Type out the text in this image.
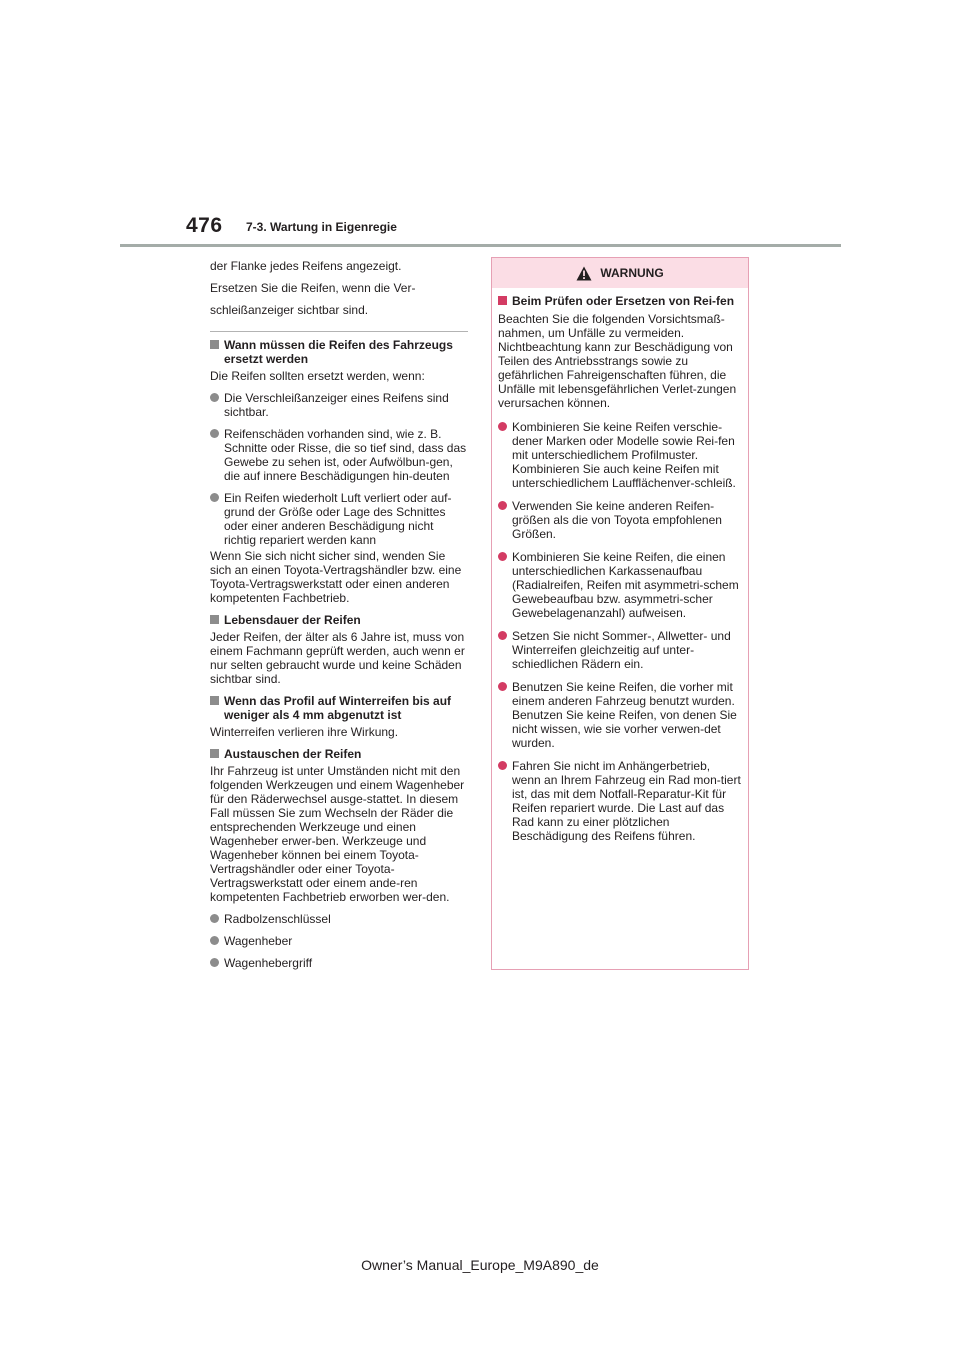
476 7-3. Wartung in Eigenregie

der Flanke jedes Reifens angezeigt.

Ersetzen Sie die Reifen, wenn die Ver-

schleißanzeiger sichtbar sind.

Wann müssen die Reifen des Fahrzeugs ersetzt werden

Die Reifen sollten ersetzt werden, wenn:

Die Verschleißanzeiger eines Reifens sind sichtbar.
Reifenschäden vorhanden sind, wie z. B. Schnitte oder Risse, die so tief sind, dass das Gewebe zu sehen ist, oder Aufwölbun-gen, die auf innere Beschädigungen hin-deuten
Ein Reifen wiederholt Luft verliert oder auf-grund der Größe oder Lage des Schnittes oder einer anderen Beschädigung nicht richtig repariert werden kann

Wenn Sie sich nicht sicher sind, wenden Sie sich an einen Toyota-Vertragshändler bzw. eine Toyota-Vertragswerkstatt oder einen anderen kompetenten Fachbetrieb.

Lebensdauer der Reifen

Jeder Reifen, der älter als 6 Jahre ist, muss von einem Fachmann geprüft werden, auch wenn er nur selten gebraucht wurde und keine Schäden sichtbar sind.

Wenn das Profil auf Winterreifen bis auf weniger als 4 mm abgenutzt ist

Winterreifen verlieren ihre Wirkung.

Austauschen der Reifen

Ihr Fahrzeug ist unter Umständen nicht mit den folgenden Werkzeugen und einem Wagenheber für den Räderwechsel ausge-stattet. In diesem Fall müssen Sie zum Wechseln der Räder die entsprechenden Werkzeuge und einen Wagenheber erwer-ben. Werkzeuge und Wagenheber können bei einem Toyota-Vertragshändler oder einer Toyota-Vertragswerkstatt oder einem ande-ren kompetenten Fachbetrieb erworben wer-den.

Radbolzenschlüssel
Wagenheber
Wagenhebergriff
WARNUNG
Beim Prüfen oder Ersetzen von Rei-fen

Beachten Sie die folgenden Vorsichtsmaß-nahmen, um Unfälle zu vermeiden. Nichtbeachtung kann zur Beschädigung von Teilen des Antriebsstrangs sowie zu gefährlichen Fahreigenschaften führen, die Unfälle mit lebensgefährlichen Verlet-zungen verursachen können.

Kombinieren Sie keine Reifen verschie-dener Marken oder Modelle sowie Rei-fen mit unterschiedlichem Profilmuster. Kombinieren Sie auch keine Reifen mit unterschiedlichem Laufflächenver-schleiß.
Verwenden Sie keine anderen Reifen-größen als die von Toyota empfohlenen Größen.
Kombinieren Sie keine Reifen, die einen unterschiedlichen Karkassenaufbau (Radialreifen, Reifen mit asymmetri-schem Gewebeaufbau bzw. asymmetri-scher Gewebelagenanzahl) aufweisen.
Setzen Sie nicht Sommer-, Allwetter- und Winterreifen gleichzeitig auf unter-schiedlichen Rädern ein.
Benutzen Sie keine Reifen, die vorher mit einem anderen Fahrzeug benutzt wurden. Benutzen Sie keine Reifen, von denen Sie nicht wissen, wie sie vorher verwen-det wurden.
Fahren Sie nicht im Anhängerbetrieb, wenn an Ihrem Fahrzeug ein Rad mon-tiert ist, das mit dem Notfall-Reparatur-Kit für Reifen repariert wurde. Die Last auf das Rad kann zu einer plötzlichen Beschädigung des Reifens führen.
Owner’s Manual_Europe_M9A890_de
